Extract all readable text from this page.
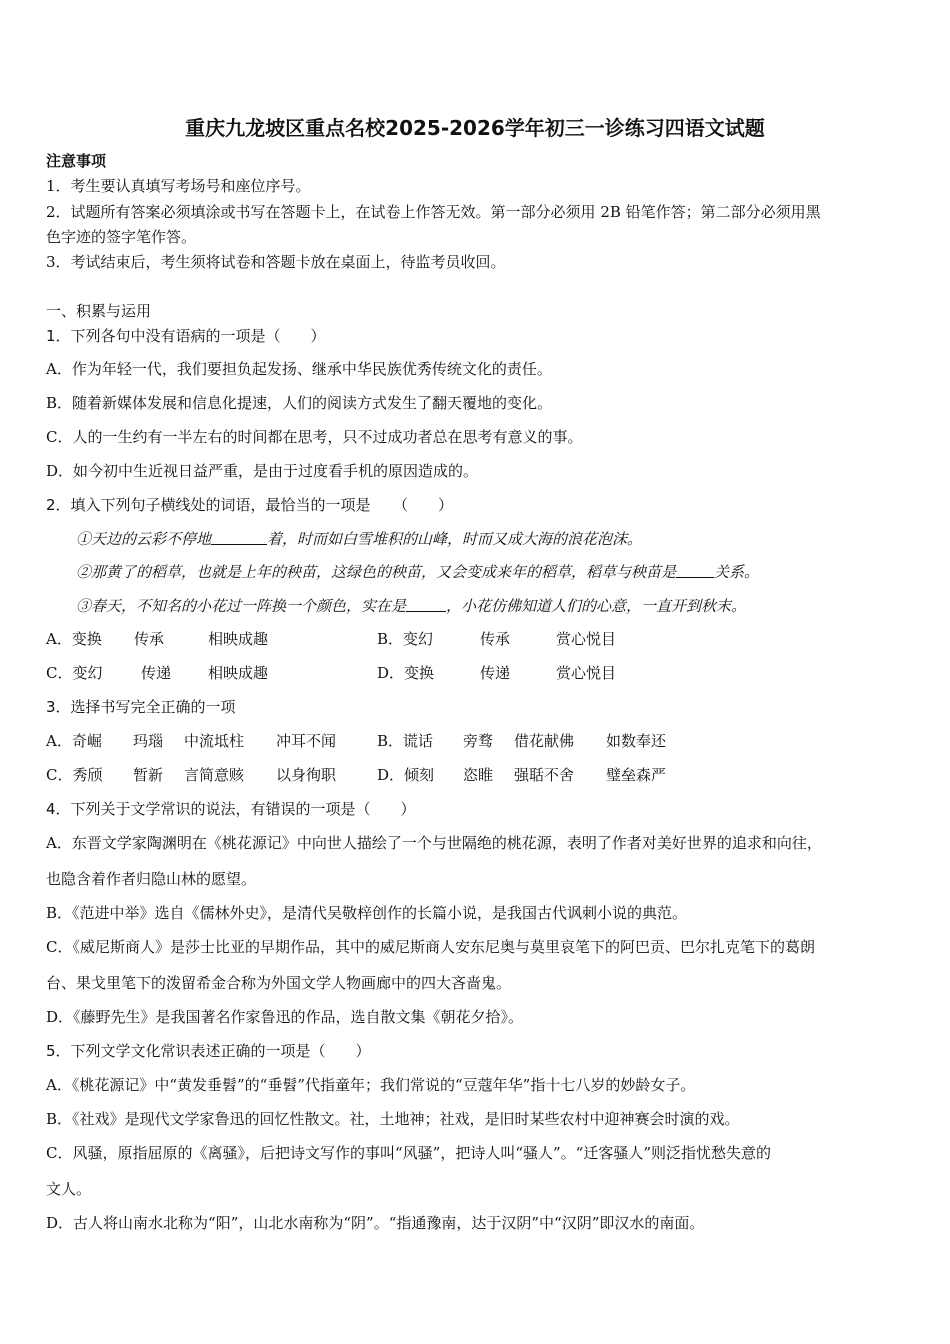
重庆九龙坡区重点名校2025-2026学年初三一诊练习四语文试题
注意事项
1．考生要认真填写考场号和座位序号。
2．试题所有答案必须填涂或书写在答题卡上，在试卷上作答无效。第一部分必须用 2B 铅笔作答；第二部分必须用黑
色字迹的签字笔作答。
3．考试结束后，考生须将试卷和答题卡放在桌面上，待监考员收回。
一、积累与运用
1．下列各句中没有语病的一项是（　　）
A．作为年轻一代，我们要担负起发扬、继承中华民族优秀传统文化的责任。
B．随着新媒体发展和信息化提速，人们的阅读方式发生了翻天覆地的变化。
C．人的一生约有一半左右的时间都在思考，只不过成功者总在思考有意义的事。
D．如今初中生近视日益严重，是由于过度看手机的原因造成的。
2．填入下列句子横线处的词语，最恰当的一项是　　（　　）
①天边的云彩不停地	着，时而如白雪堆积的山峰，时而又成大海的浪花泡沫。
②那黄了的稻草，也就是上年的秧苗，这绿色的秧苗，又会变成来年的稻草，稻草与秧苗是	关系。
③春天，不知名的小花过一阵换一个颜色，实在是	，小花仿佛知道人们的心意，一直开到秋末。
A．变换 传承	相映成趣	B．变幻	传承	赏心悦目
C．变幻	传递 相映成趣	D．变换	传递	赏心悦目
3．选择书写完全正确的一项
A．奇崛 玛瑙 中流坻柱 冲耳不闻	B．谎话 旁骛 借花献佛 如数奉还
C．秀颀 暂新 言简意赅 以身徇职	D．倾刻 恣睢 强聒不舍 璧垒森严
4．下列关于文学常识的说法，有错误的一项是（　　）
A．东晋文学家陶渊明在《桃花源记》中向世人描绘了一个与世隔绝的桃花源，表明了作者对美好世界的追求和向往，
也隐含着作者归隐山林的愿望。
B．《范进中举》选自《儒林外史》，是清代吴敬梓创作的长篇小说，是我国古代讽刺小说的典范。
C．《威尼斯商人》是莎士比亚的早期作品，其中的威尼斯商人安东尼奥与莫里哀笔下的阿巴贡、巴尔扎克笔下的葛朗
台、果戈里笔下的泼留希金合称为外国文学人物画廊中的四大吝啬鬼。
D．《藤野先生》是我国著名作家鲁迅的作品，选自散文集《朝花夕拾》。
5．下列文学文化常识表述正确的一项是（　　）
A．《桃花源记》中“黄发垂髫”的“垂髫”代指童年；我们常说的“豆蔻年华”指十七八岁的妙龄女子。
B．《社戏》是现代文学家鲁迅的回忆性散文。社，土地神；社戏，是旧时某些农村中迎神赛会时演的戏。
C．风骚，原指屈原的《离骚》，后把诗文写作的事叫“风骚”，把诗人叫“骚人”。“迁客骚人”则泛指忧愁失意的
文人。
D．古人将山南水北称为“阳”，山北水南称为“阴”。“指通豫南，达于汉阴”中“汉阴”即汉水的南面。
